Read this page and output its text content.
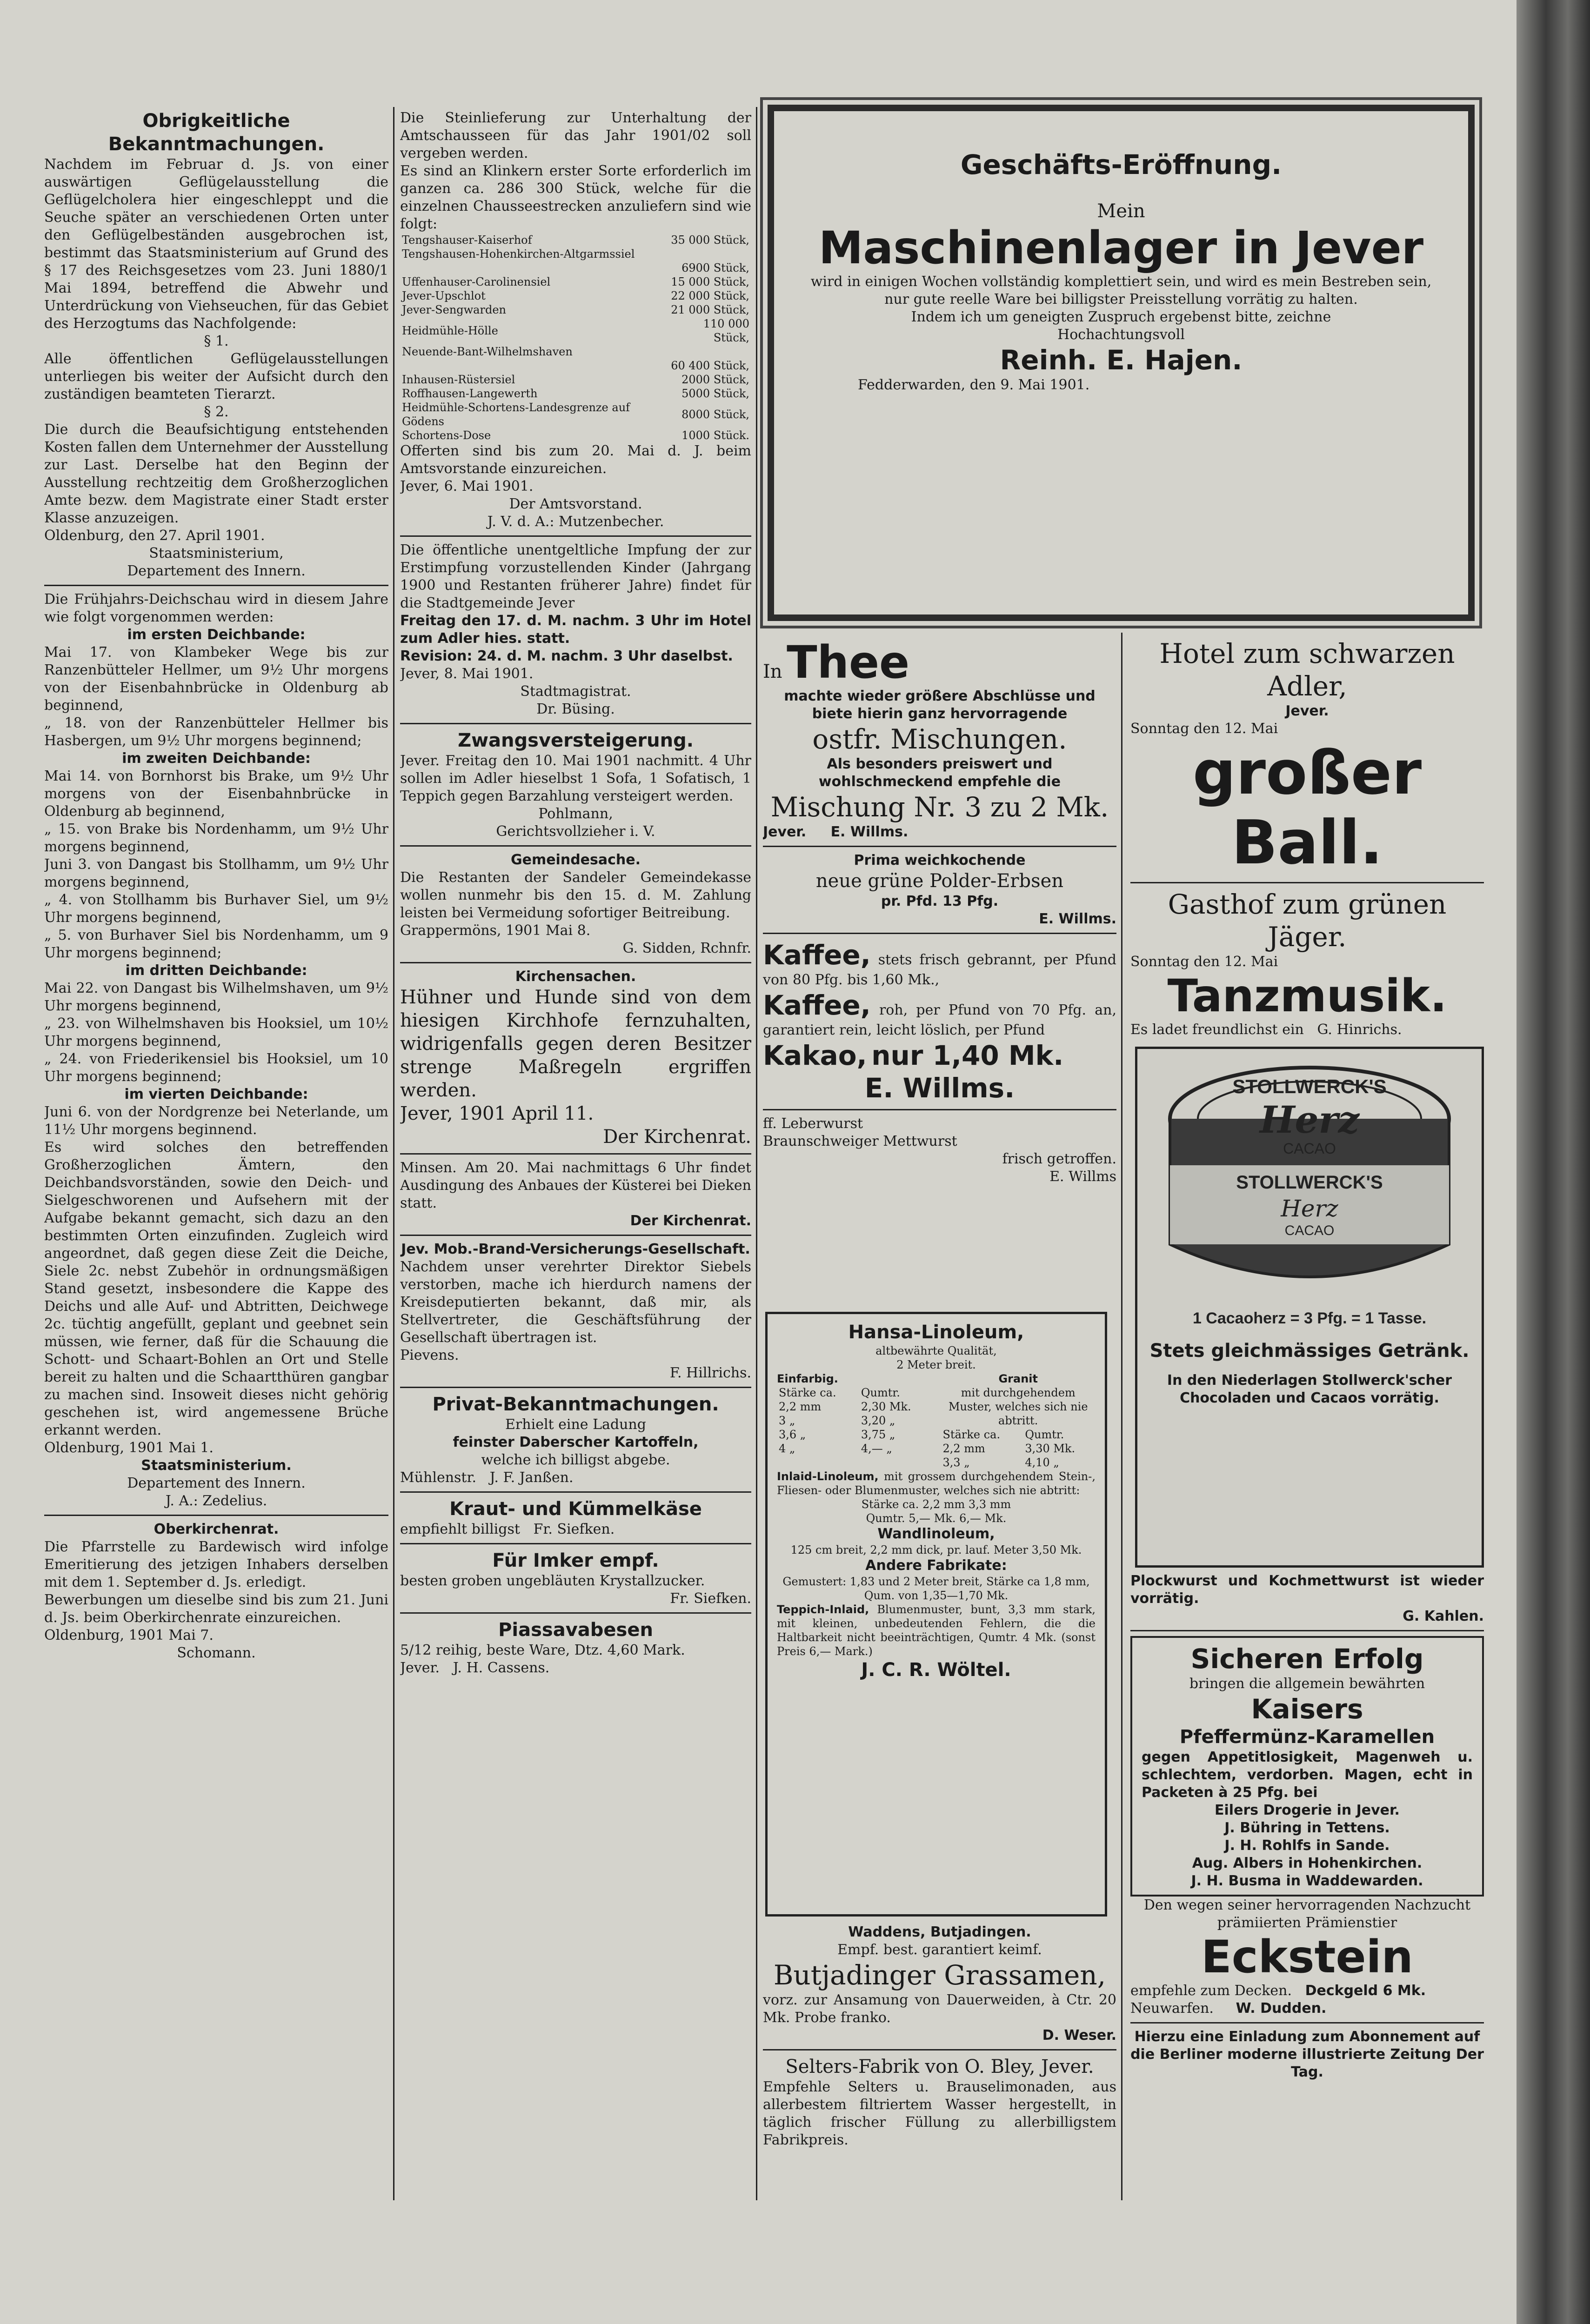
Obrigkeitliche Bekanntmachungen.

Nachdem im Februar d. Js. von einer auswärtigen Geflügelausstellung die Geflügelcholera hier eingeschleppt und die Seuche später an verschiedenen Orten unter den Geflügelbeständen ausgebrochen ist, bestimmt das Staatsministerium auf Grund des § 17 des Reichsgesetzes vom 23. Juni 1880/1 Mai 1894, betreffend die Abwehr und Unterdrückung von Viehseuchen, für das Gebiet des Herzogtums das Nachfolgende:

§ 1.

Alle öffentlichen Geflügelausstellungen unterliegen bis weiter der Aufsicht durch den zuständigen beamteten Tierarzt.

§ 2.

Die durch die Beaufsichtigung entstehenden Kosten fallen dem Unternehmer der Ausstellung zur Last. Derselbe hat den Beginn der Ausstellung rechtzeitig dem Großherzoglichen Amte bezw. dem Magistrate einer Stadt erster Klasse anzuzeigen.

Oldenburg, den 27. April 1901.

Staatsministerium,

Departement des Innern.

Die Frühjahrs-Deichschau wird in diesem Jahre wie folgt vorgenommen werden:

im ersten Deichbande:

Mai 17. von Klambeker Wege bis zur Ranzenbütteler Hellmer, um 9½ Uhr morgens von der Eisenbahnbrücke in Oldenburg ab beginnend,

„ 18. von der Ranzenbütteler Hellmer bis Hasbergen, um 9½ Uhr morgens beginnend;

im zweiten Deichbande:

Mai 14. von Bornhorst bis Brake, um 9½ Uhr morgens von der Eisenbahnbrücke in Oldenburg ab beginnend,

„ 15. von Brake bis Nordenhamm, um 9½ Uhr morgens beginnend,

Juni 3. von Dangast bis Stollhamm, um 9½ Uhr morgens beginnend,

„ 4. von Stollhamm bis Burhaver Siel, um 9½ Uhr morgens beginnend,

„ 5. von Burhaver Siel bis Nordenhamm, um 9 Uhr morgens beginnend;

im dritten Deichbande:

Mai 22. von Dangast bis Wilhelmshaven, um 9½ Uhr morgens beginnend,

„ 23. von Wilhelmshaven bis Hooksiel, um 10½ Uhr morgens beginnend,

„ 24. von Friederikensiel bis Hooksiel, um 10 Uhr morgens beginnend;

im vierten Deichbande:

Juni 6. von der Nordgrenze bei Neterlande, um 11½ Uhr morgens beginnend.

Es wird solches den betreffenden Großherzoglichen Ämtern, den Deichbandsvorständen, sowie den Deich- und Sielgeschworenen und Aufsehern mit der Aufgabe bekannt gemacht, sich dazu an den bestimmten Orten einzufinden. Zugleich wird angeordnet, daß gegen diese Zeit die Deiche, Siele 2c. nebst Zubehör in ordnungsmäßigen Stand gesetzt, insbesondere die Kappe des Deichs und alle Auf- und Abtritten, Deichwege 2c. tüchtig angefüllt, geplant und geebnet sein müssen, wie ferner, daß für die Schauung die Schott- und Schaart-Bohlen an Ort und Stelle bereit zu halten und die Schaartthüren gangbar zu machen sind. Insoweit dieses nicht gehörig geschehen ist, wird angemessene Brüche erkannt werden.

Oldenburg, 1901 Mai 1.

Staatsministerium.

Departement des Innern.

J. A.: Zedelius.

Oberkirchenrat.

Die Pfarrstelle zu Bardewisch wird infolge Emeritierung des jetzigen Inhabers derselben mit dem 1. September d. Js. erledigt.

Bewerbungen um dieselbe sind bis zum 21. Juni d. Js. beim Oberkirchenrate einzureichen.

Oldenburg, 1901 Mai 7.

Schomann.

Die Steinlieferung zur Unterhaltung der Amtschausseen für das Jahr 1901/02 soll vergeben werden.

Es sind an Klinkern erster Sorte erforderlich im ganzen ca. 286 300 Stück, welche für die einzelnen Chausseestrecken anzuliefern sind wie folgt:

Tengshauser-Kaiserhof	35 000 Stück,
Tengshausen-Hohenkirchen-Altgarmssiel	
	6900 Stück,
Uffenhauser-Carolinensiel	15 000 Stück,
Jever-Upschlot	22 000 Stück,
Jever-Sengwarden	21 000 Stück,
Heidmühle-Hölle	110 000 Stück,
Neuende-Bant-Wilhelmshaven	
	60 400 Stück,
Inhausen-Rüstersiel	2000 Stück,
Roffhausen-Langewerth	5000 Stück,
Heidmühle-Schortens-Landesgrenze auf Gödens	8000 Stück,
Schortens-Dose	1000 Stück.

Offerten sind bis zum 20. Mai d. J. beim Amtsvorstande einzureichen.

Jever, 6. Mai 1901.

Der Amtsvorstand.

J. V. d. A.: Mutzenbecher.

Die öffentliche unentgeltliche Impfung der zur Erstimpfung vorzustellenden Kinder (Jahrgang 1900 und Restanten früherer Jahre) findet für die Stadtgemeinde Jever

Freitag den 17. d. M. nachm. 3 Uhr im Hotel zum Adler hies. statt.

Revision: 24. d. M. nachm. 3 Uhr daselbst.

Jever, 8. Mai 1901.

Stadtmagistrat.

Dr. Büsing.

Zwangsversteigerung.

Jever. Freitag den 10. Mai 1901 nachmitt. 4 Uhr sollen im Adler hieselbst 1 Sofa, 1 Sofatisch, 1 Teppich gegen Barzahlung versteigert werden.

Pohlmann,

Gerichtsvollzieher i. V.

Gemeindesache.

Die Restanten der Sandeler Gemeindekasse wollen nunmehr bis den 15. d. M. Zahlung leisten bei Vermeidung sofortiger Beitreibung.

Grappermöns, 1901 Mai 8.

G. Sidden, Rchnfr.

Kirchensachen.

Hühner und Hunde sind von dem hiesigen Kirchhofe fernzuhalten, widrigenfalls gegen deren Besitzer strenge Maßregeln ergriffen werden.

Jever, 1901 April 11.

Der Kirchenrat.

Minsen. Am 20. Mai nachmittags 6 Uhr findet Ausdingung des Anbaues der Küsterei bei Dieken statt.

Der Kirchenrat.

Jev. Mob.-Brand-Versicherungs-Gesellschaft.

Nachdem unser verehrter Direktor Siebels verstorben, mache ich hierdurch namens der Kreisdeputierten bekannt, daß mir, als Stellvertreter, die Geschäftsführung der Gesellschaft übertragen ist.

Pievens.

F. Hillrichs.

Privat-Bekanntmachungen.

Erhielt eine Ladung

feinster Daberscher Kartoffeln,

welche ich billigst abgebe.

Mühlenstr. J. F. Janßen.

Kraut- und Kümmelkäse

empfiehlt billigst Fr. Siefken.

Für Imker empf.

besten groben ungebläuten Krystallzucker.

Fr. Siefken.

Piassavabesen

5/12 reihig, beste Ware, Dtz. 4,60 Mark.

Jever. J. H. Cassens.

Geschäfts-Eröffnung.

Mein

Maschinenlager in Jever

wird in einigen Wochen vollständig komplettiert sein, und wird es mein Bestreben sein, nur gute reelle Ware bei billigster Preisstellung vorrätig zu halten.

Indem ich um geneigten Zuspruch ergebenst bitte, zeichne

Hochachtungsvoll

Reinh. E. Hajen.

Fedderwarden, den 9. Mai 1901.

In Thee

machte wieder größere Abschlüsse und biete hierin ganz hervorragende

ostfr. Mischungen.

Als besonders preiswert und wohlschmeckend empfehle die

Mischung Nr. 3 zu 2 Mk.

Jever. E. Willms.

Prima weichkochende

neue grüne Polder-Erbsen

pr. Pfd. 13 Pfg.

E. Willms.

Kaffee, stets frisch gebrannt, per Pfund von 80 Pfg. bis 1,60 Mk.,

Kaffee, roh, per Pfund von 70 Pfg. an, garantiert rein, leicht löslich, per Pfund

Kakao, nur 1,40 Mk.

E. Willms.

ff. Leberwurst

Braunschweiger Mettwurst

frisch getroffen.

E. Willms

Hansa-Linoleum,

altbewährte Qualität,

2 Meter breit.

Einfarbig.

Stärke ca.	Qumtr.
2,2 mm	2,30 Mk.
3 „	3,20 „
3,6 „	3,75 „
4 „	4,— „

Granit

mit durchgehendem Muster, welches sich nie abtritt.

Stärke ca.	Qumtr.
2,2 mm	3,30 Mk.
3,3 „	4,10 „

Inlaid-Linoleum, mit grossem durchgehendem Stein-, Fliesen- oder Blumenmuster, welches sich nie abtritt:

Stärke ca. 2,2 mm 3,3 mm

Qumtr. 5,— Mk. 6,— Mk.

Wandlinoleum,

125 cm breit, 2,2 mm dick, pr. lauf. Meter 3,50 Mk.

Andere Fabrikate:

Gemustert: 1,83 und 2 Meter breit, Stärke ca 1,8 mm, Qum. von 1,35—1,70 Mk.

Teppich-Inlaid, Blumenmuster, bunt, 3,3 mm stark, mit kleinen, unbedeutenden Fehlern, die die Haltbarkeit nicht beeinträchtigen, Qumtr. 4 Mk. (sonst Preis 6,— Mark.)

J. C. R. Wöltel.

Waddens, Butjadingen.

Empf. best. garantiert keimf.

Butjadinger Grassamen,

vorz. zur Ansamung von Dauerweiden, à Ctr. 20 Mk. Probe franko.

D. Weser.

Selters-Fabrik von O. Bley, Jever.

Empfehle Selters u. Brauselimonaden, aus allerbestem filtriertem Wasser hergestellt, in täglich frischer Füllung zu allerbilligstem Fabrikpreis.

Hotel zum schwarzen Adler,

Jever.

Sonntag den 12. Mai

großer Ball.

Gasthof zum grünen Jäger.

Sonntag den 12. Mai

Tanzmusik.

Es ladet freundlichst ein G. Hinrichs.

STOLLWERCK'S
Herz
CACAO
STOLLWERCK'S
Herz
CACAO
1 Cacaoherz = 3 Pfg. = 1 Tasse.

Stets gleichmässiges Getränk.

In den Niederlagen Stollwerck'scher Chocoladen und Cacaos vorrätig.

Plockwurst und Kochmettwurst ist wieder vorrätig.

G. Kahlen.

Sicheren Erfolg

bringen die allgemein bewährten

Kaisers

Pfeffermünz-Karamellen

gegen Appetitlosigkeit, Magenweh u. schlechtem, verdorben. Magen, echt in Packeten à 25 Pfg. bei

Eilers Drogerie in Jever.

J. Bühring in Tettens.

J. H. Rohlfs in Sande.

Aug. Albers in Hohenkirchen.

J. H. Busma in Waddewarden.

Den wegen seiner hervorragenden Nachzucht prämiierten Prämienstier

Eckstein

empfehle zum Decken. Deckgeld 6 Mk.

Neuwarfen. W. Dudden.

Hierzu eine Einladung zum Abonnement auf die Berliner moderne illustrierte Zeitung Der Tag.
